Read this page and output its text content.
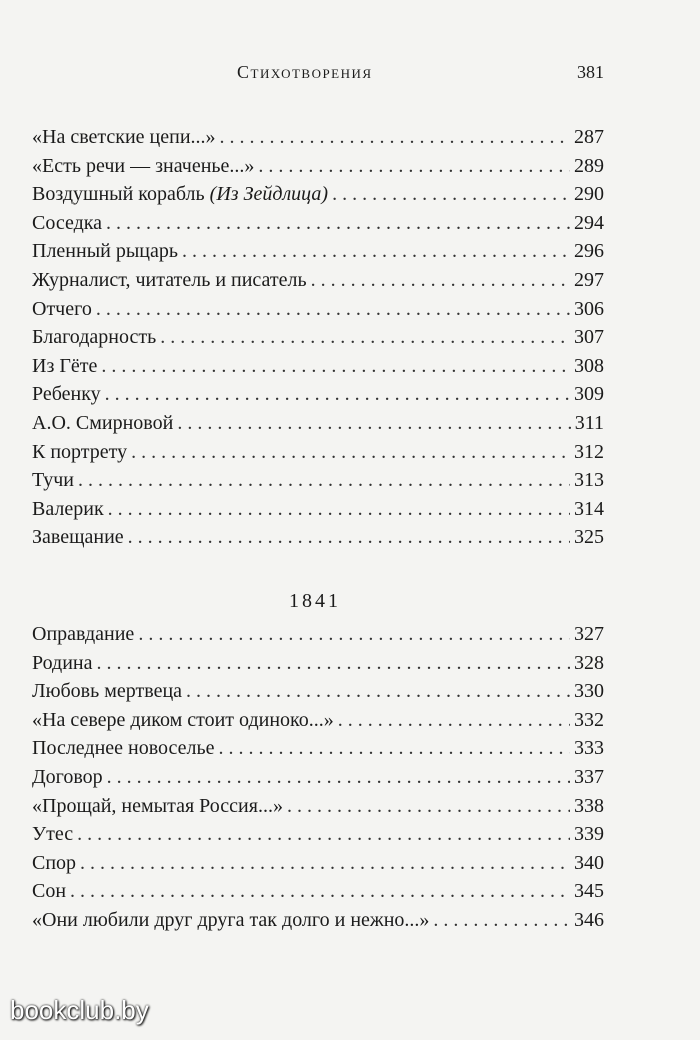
Стихотворения	381
«На светские цепи...» . . .	287
«Есть речи — значенье...» . . .	289
Воздушный корабль (Из Зейдлица) . . .	290
Соседка . . .	294
Пленный рыцарь . . .	296
Журналист, читатель и писатель . . .	297
Отчего . . .	306
Благодарность . . .	307
Из Гёте . . .	308
Ребенку . . .	309
А.О. Смирновой . . .	311
К портрету . . .	312
Тучи . . .	313
Валерик . . .	314
Завещание . . .	325
1841
Оправдание . . .	327
Родина . . .	328
Любовь мертвеца . . .	330
«На севере диком стоит одиноко...» . . .	332
Последнее новоселье . . .	333
Договор . . .	337
«Прощай, немытая Россия...» . . .	338
Утес . . .	339
Спор . . .	340
Сон . . .	345
«Они любили друг друга так долго и нежно...» . . .	346
bookclub.by
